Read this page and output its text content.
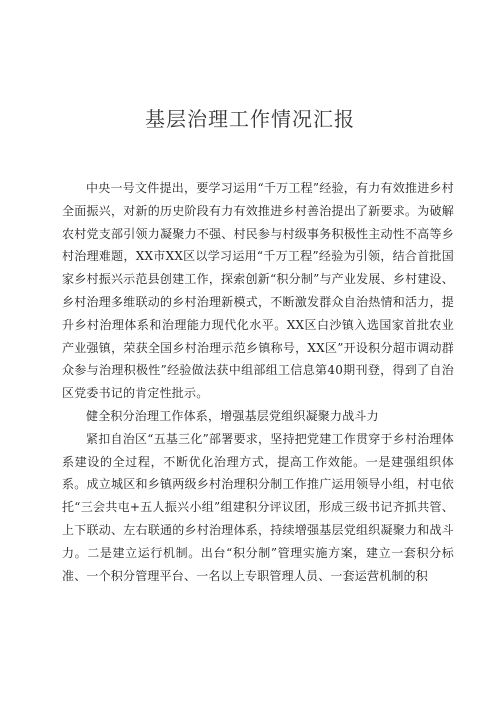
基层治理工作情况汇报

中央一号文件提出，要学习运用“千万工程”经验，有力有效推进乡村全面振兴，对新的历史阶段有力有效推进乡村善治提出了新要求。为破解农村党支部引领力凝聚力不强、村民参与村级事务积极性主动性不高等乡村治理难题，XX市XX区以学习运用“千万工程”经验为引领，结合首批国家乡村振兴示范县创建工作，探索创新“积分制”与产业发展、乡村建设、乡村治理多维联动的乡村治理新模式，不断激发群众自治热情和活力，提升乡村治理体系和治理能力现代化水平。XX区白沙镇入选国家首批农业产业强镇，荣获全国乡村治理示范乡镇称号，XX区”开设积分超市调动群众参与治理积极性”经验做法获中组部组工信息第40期刊登，得到了自治区党委书记的肯定性批示。

健全积分治理工作体系，增强基层党组织凝聚力战斗力

紧扣自治区“五基三化”部署要求，坚持把党建工作贯穿于乡村治理体系建设的全过程，不断优化治理方式，提高工作效能。一是建强组织体系。成立城区和乡镇两级乡村治理积分制工作推广运用领导小组，村屯依托“三会共屯+五人振兴小组”组建积分评议团，形成三级书记齐抓共管、上下联动、左右联通的乡村治理体系，持续增强基层党组织凝聚力和战斗力。二是建立运行机制。出台“积分制”管理实施方案，建立一套积分标准、一个积分管理平台、一名以上专职管理人员、一套运营机制的积
